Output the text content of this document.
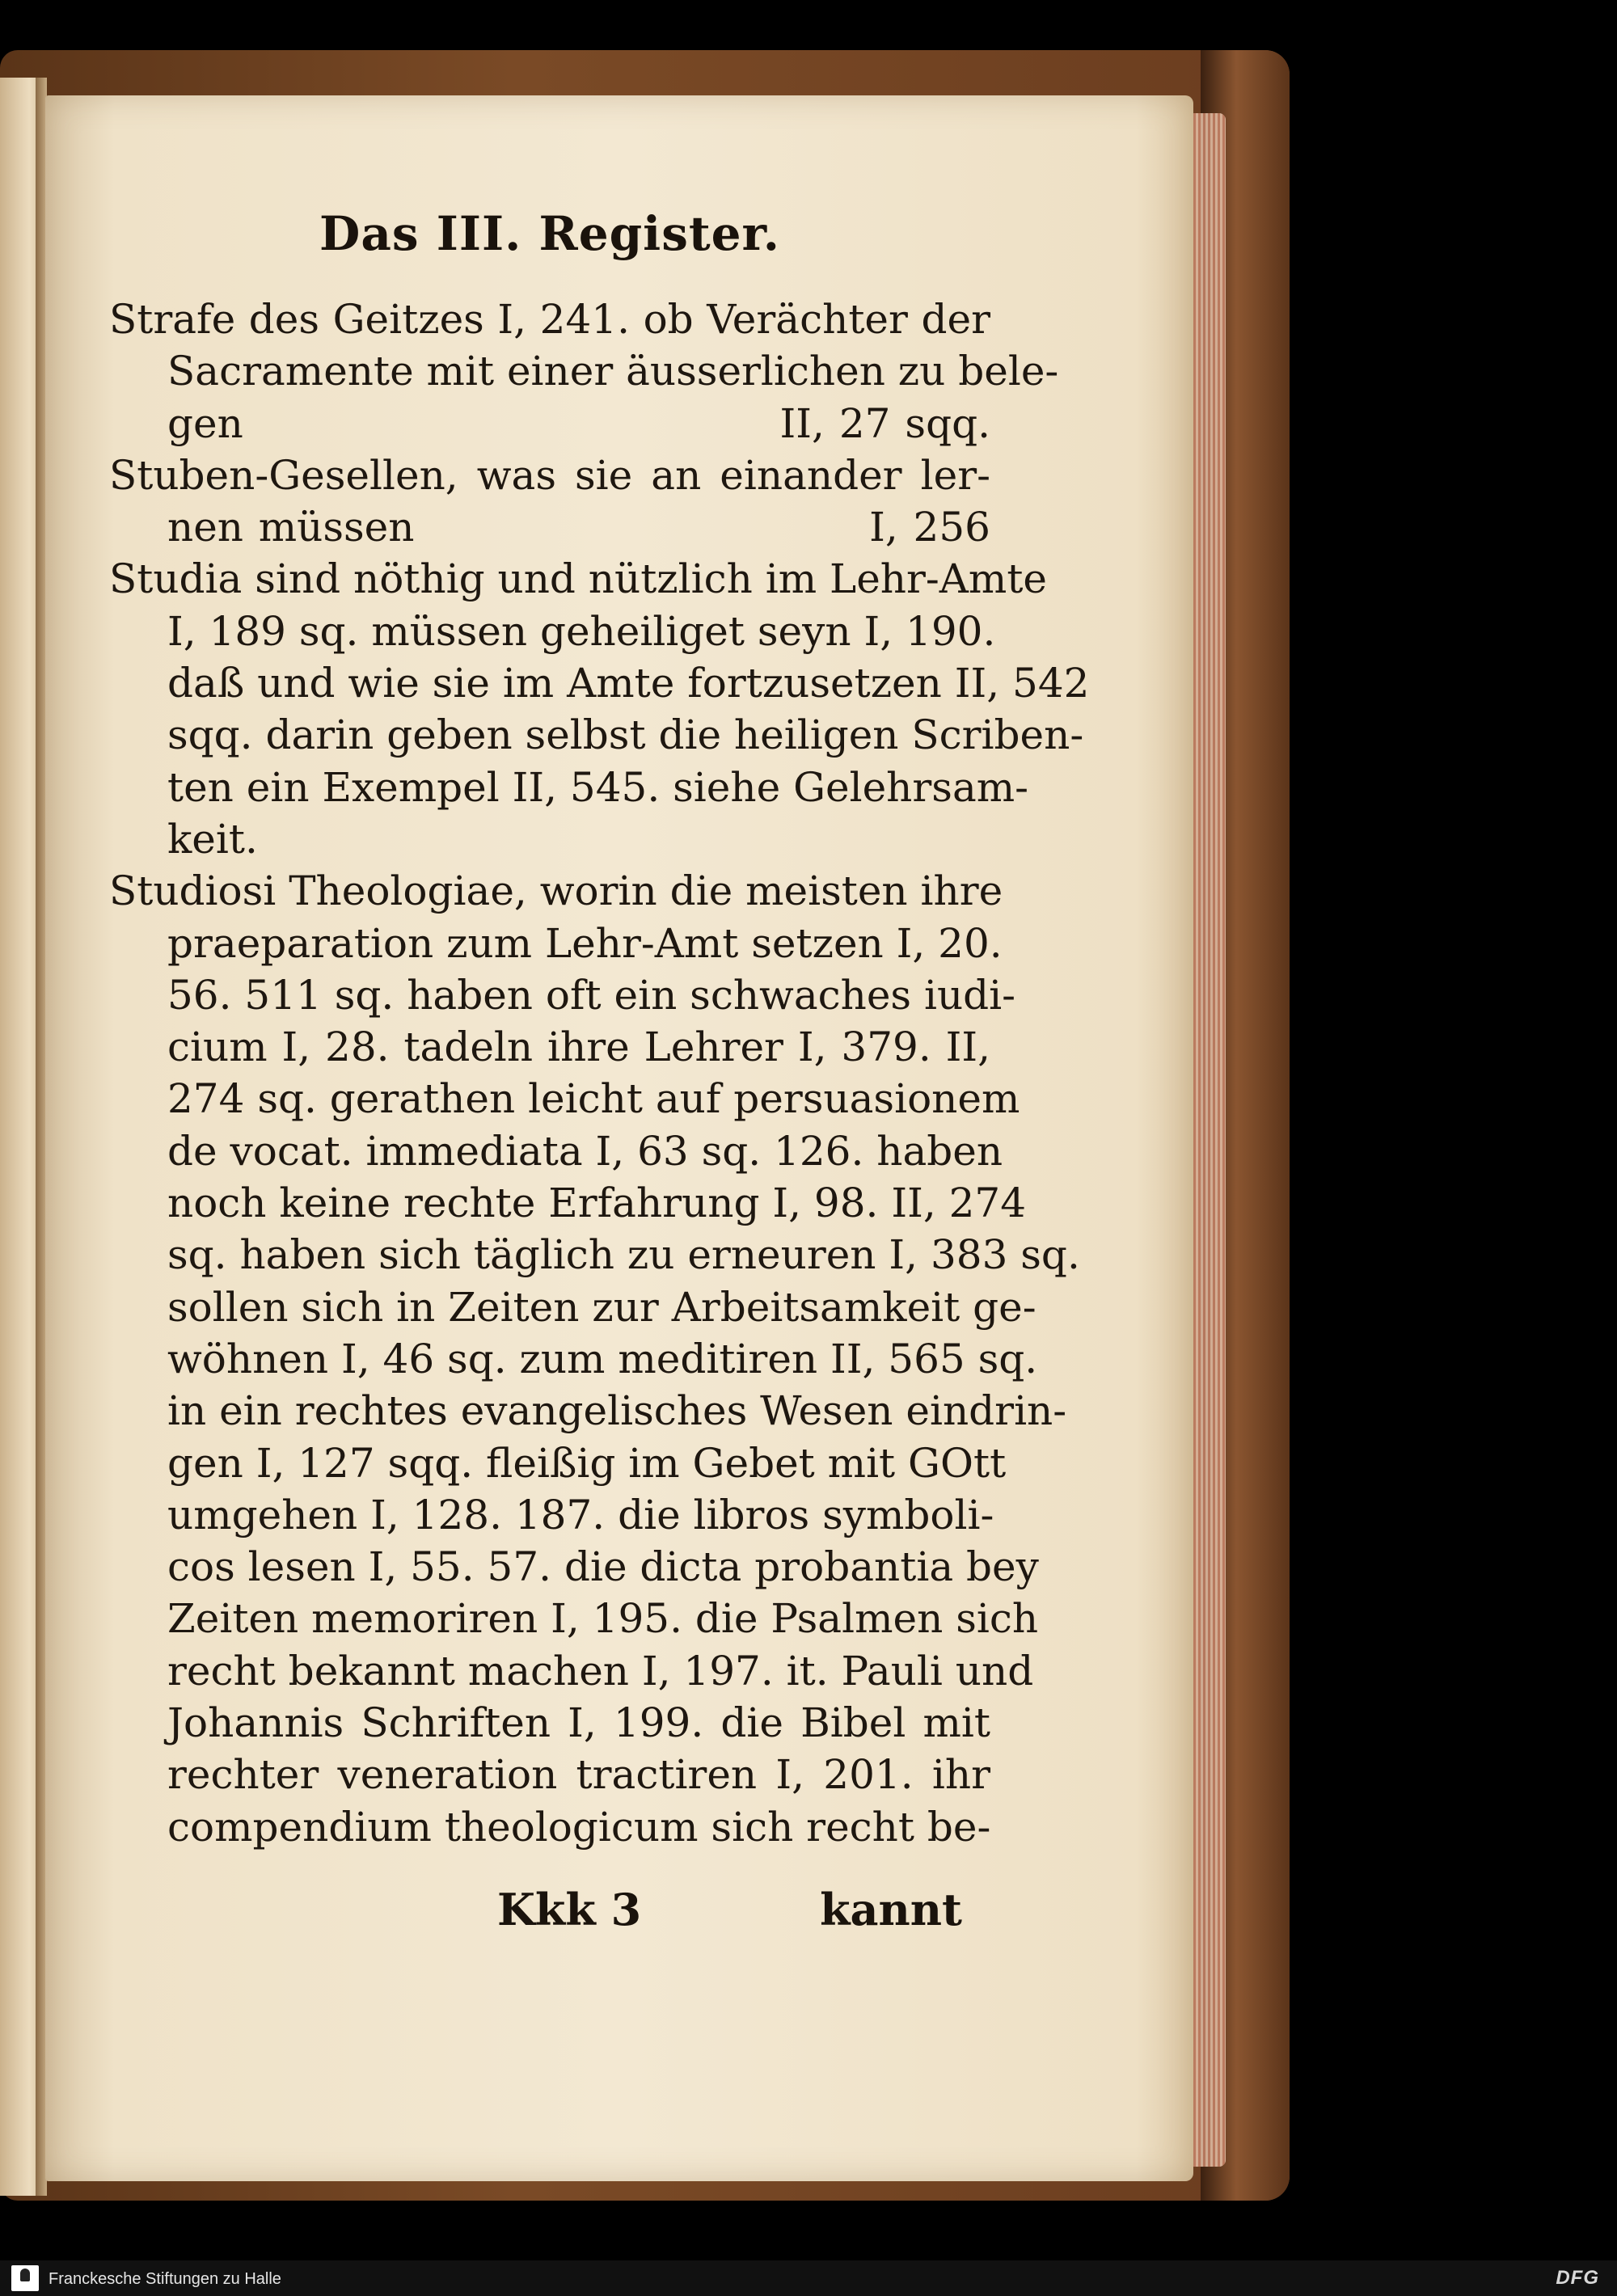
Das III. Register.

Strafe des Geitzes I, 241. ob Verächter der
Sacramente mit einer äusserlichen zu bele-
gen                                     II, 27 sqq.

Stuben-Gesellen, was sie an einander ler-
nen müssen                              I, 256

Studia sind nöthig und nützlich im Lehr-Amte
I, 189 sq. müssen geheiliget seyn I, 190.
daß und wie sie im Amte fortzusetzen II, 542
sqq. darin geben selbst die heiligen Scriben-
ten ein Exempel II, 545. siehe Gelehrsam-
keit.

Studiosi Theologiae, worin die meisten ihre
praeparation zum Lehr-Amt setzen I, 20.
56. 511 sq. haben oft ein schwaches iudi-
cium I, 28. tadeln ihre Lehrer I, 379. II,
274 sq. gerathen leicht auf persuasionem
de vocat. immediata I, 63 sq. 126. haben
noch keine rechte Erfahrung I, 98. II, 274
sq. haben sich täglich zu erneuren I, 383 sq.
sollen sich in Zeiten zur Arbeitsamkeit ge-
wöhnen I, 46 sq. zum meditiren II, 565 sq.
in ein rechtes evangelisches Wesen eindrin-
gen I, 127 sqq. fleißig im Gebet mit GOtt
umgehen I, 128. 187. die libros symboli-
cos lesen I, 55. 57. die dicta probantia bey
Zeiten memoriren I, 195. die Psalmen sich
recht bekannt machen I, 197. it. Pauli und
Johannis Schriften I, 199. die Bibel mit
rechter veneration tractiren I, 201. ihr
compendium theologicum sich recht be-

Kkk 3	kannt
Franckesche Stiftungen zu Halle	DFG
